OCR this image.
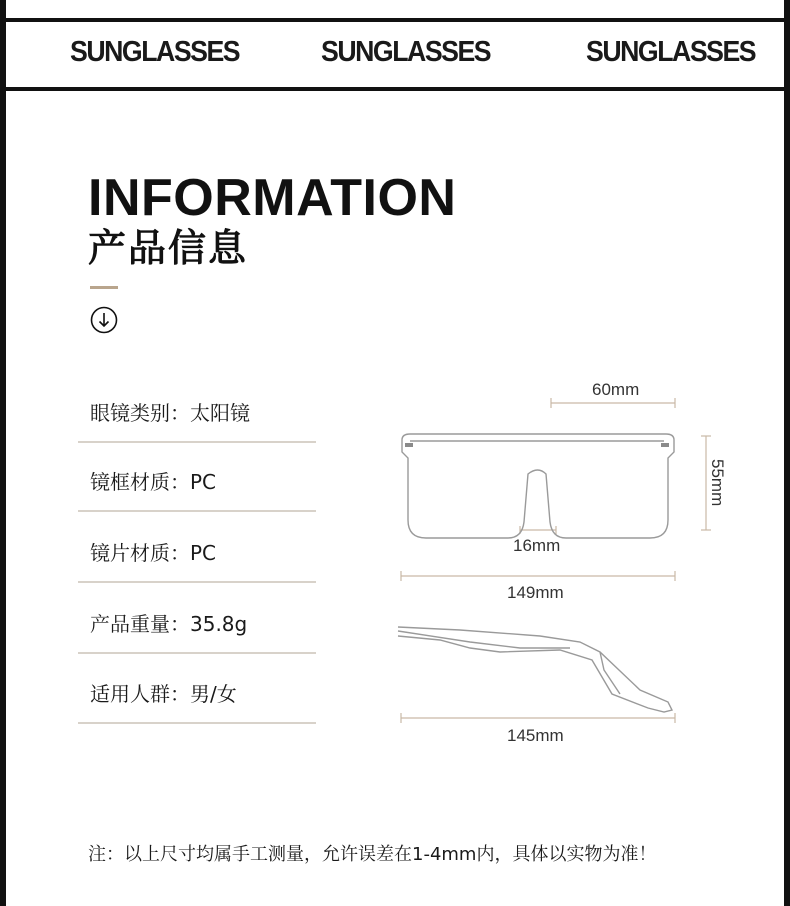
SUNGLASSES	SUNGLASSES	SUNGLASSES
INFORMATION
产品信息
眼镜类别：太阳镜
镜框材质：PC
镜片材质：PC
产品重量：35.8g
适用人群：男/女
60mm
55mm
16mm
149mm
145mm
注：以上尺寸均属手工测量，允许误差在1-4mm内，具体以实物为准！
